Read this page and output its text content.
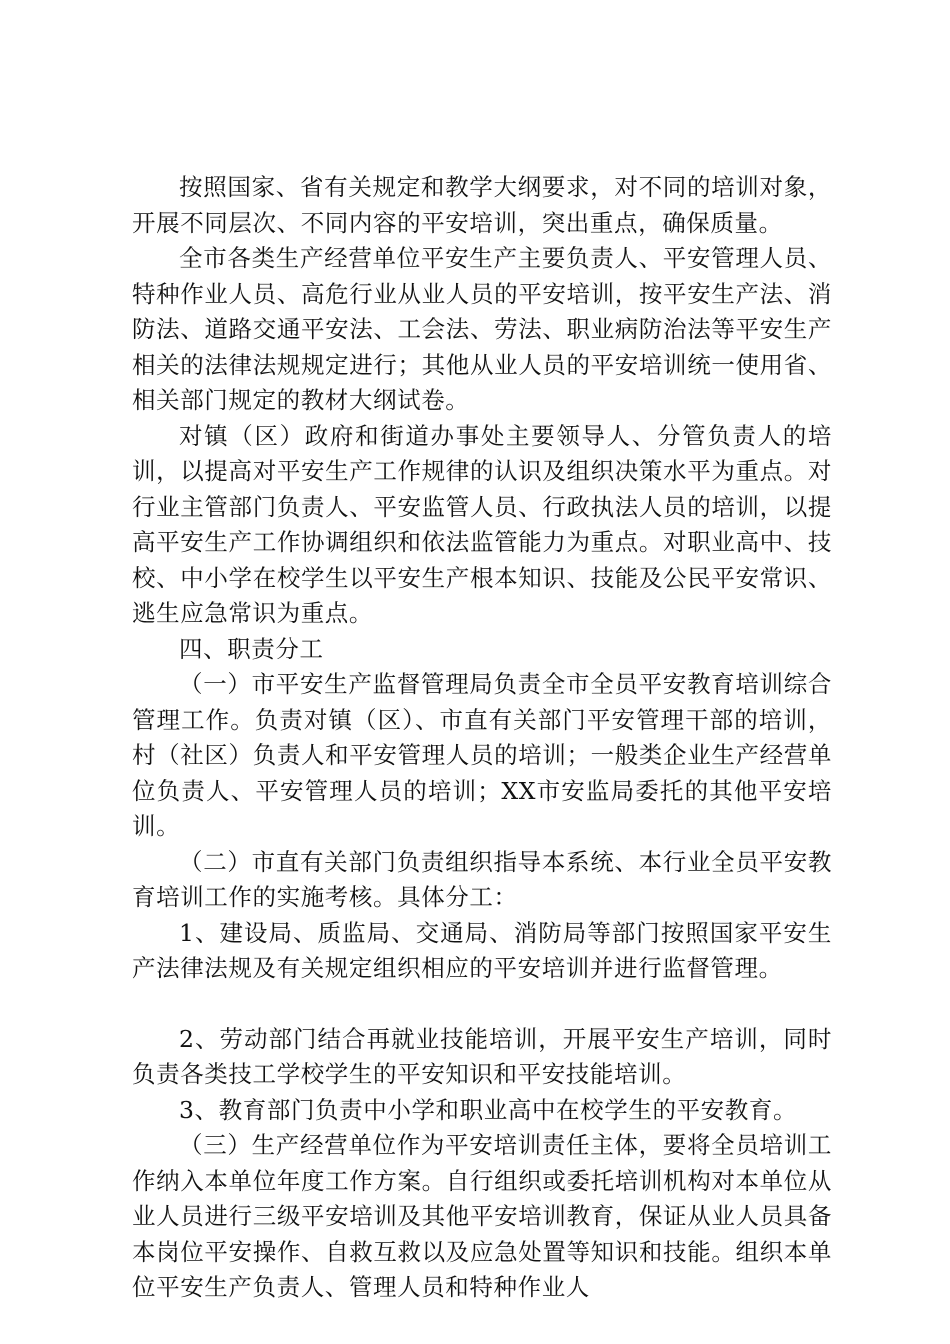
按照国家、省有关规定和教学大纲要求，对不同的培训对象，开展不同层次、不同内容的平安培训，突出重点，确保质量。

全市各类生产经营单位平安生产主要负责人、平安管理人员、特种作业人员、高危行业从业人员的平安培训，按平安生产法、消防法、道路交通平安法、工会法、劳法、职业病防治法等平安生产相关的法律法规规定进行；其他从业人员的平安培训统一使用省、相关部门规定的教材大纲试卷。

对镇（区）政府和街道办事处主要领导人、分管负责人的培训，以提高对平安生产工作规律的认识及组织决策水平为重点。对行业主管部门负责人、平安监管人员、行政执法人员的培训，以提高平安生产工作协调组织和依法监管能力为重点。对职业高中、技校、中小学在校学生以平安生产根本知识、技能及公民平安常识、逃生应急常识为重点。

四、职责分工

（一）市平安生产监督管理局负责全市全员平安教育培训综合管理工作。负责对镇（区）、市直有关部门平安管理干部的培训，村（社区）负责人和平安管理人员的培训；一般类企业生产经营单位负责人、平安管理人员的培训；XX市安监局委托的其他平安培训。

（二）市直有关部门负责组织指导本系统、本行业全员平安教育培训工作的实施考核。具体分工：

1、建设局、质监局、交通局、消防局等部门按照国家平安生产法律法规及有关规定组织相应的平安培训并进行监督管理。

2、劳动部门结合再就业技能培训，开展平安生产培训，同时负责各类技工学校学生的平安知识和平安技能培训。

3、教育部门负责中小学和职业高中在校学生的平安教育。

（三）生产经营单位作为平安培训责任主体，要将全员培训工作纳入本单位年度工作方案。自行组织或委托培训机构对本单位从业人员进行三级平安培训及其他平安培训教育，保证从业人员具备本岗位平安操作、自救互救以及应急处置等知识和技能。组织本单位平安生产负责人、管理人员和特种作业人
